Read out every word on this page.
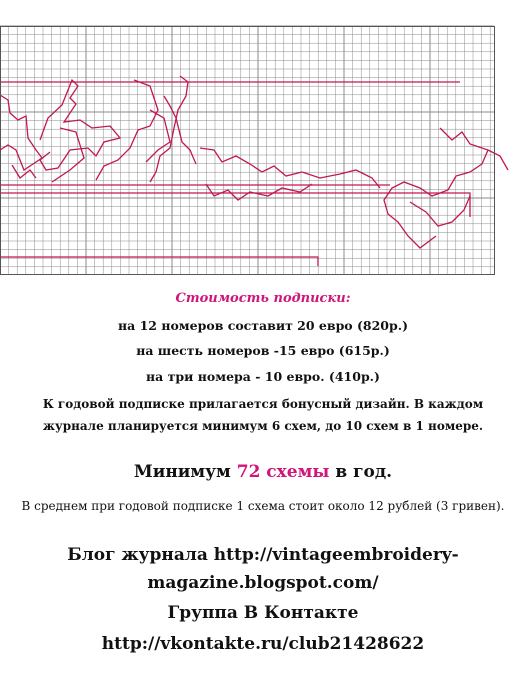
Стоимость подписки:
на 12 номеров составит 20 евро (820р.)
на шесть номеров -15 евро (615р.)
на три номера - 10 евро. (410р.)
К годовой подписке прилагается бонусный дизайн. В каждом журнале планируется минимум 6 схем, до 10 схем в 1 номере.
Минимум 72 схемы в год.
В среднем при годовой подписке 1 схема стоит около 12 рублей (3 гривен).
Блог журнала http://vintageembroidery-magazine.blogspot.com/
Группа В Контакте
http://vkontakte.ru/club21428622
